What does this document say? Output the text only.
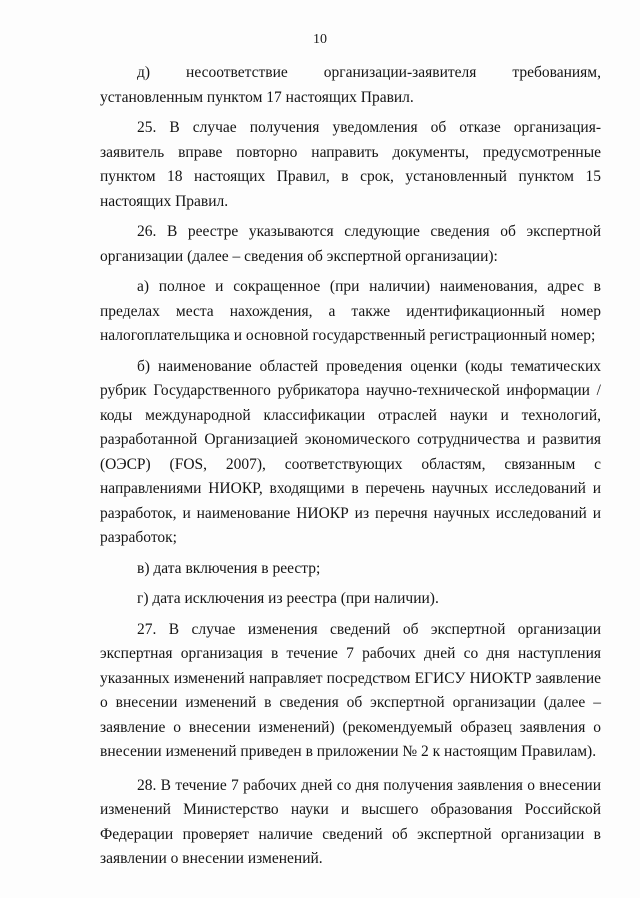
10

д) несоответствие организации-заявителя требованиям, установленным пунктом 17 настоящих Правил.

25. В случае получения уведомления об отказе организация-заявитель вправе повторно направить документы, предусмотренные пунктом 18 настоящих Правил, в срок, установленный пунктом 15 настоящих Правил.

26. В реестре указываются следующие сведения об экспертной организации (далее – сведения об экспертной организации):

а) полное и сокращенное (при наличии) наименования, адрес в пределах места нахождения, а также идентификационный номер налогоплательщика и основной государственный регистрационный номер;

б) наименование областей проведения оценки (коды тематических рубрик Государственного рубрикатора научно-технической информации / коды международной классификации отраслей науки и технологий, разработанной Организацией экономического сотрудничества и развития (ОЭСР) (FOS, 2007), соответствующих областям, связанным с направлениями НИОКР, входящими в перечень научных исследований и разработок, и наименование НИОКР из перечня научных исследований и разработок;

в) дата включения в реестр;

г) дата исключения из реестра (при наличии).

27. В случае изменения сведений об экспертной организации экспертная организация в течение 7 рабочих дней со дня наступления указанных изменений направляет посредством ЕГИСУ НИОКТР заявление о внесении изменений в сведения об экспертной организации (далее – заявление о внесении изменений) (рекомендуемый образец заявления о внесении изменений приведен в приложении № 2 к настоящим Правилам).

28. В течение 7 рабочих дней со дня получения заявления о внесении изменений Министерство науки и высшего образования Российской Федерации проверяет наличие сведений об экспертной организации в заявлении о внесении изменений.
